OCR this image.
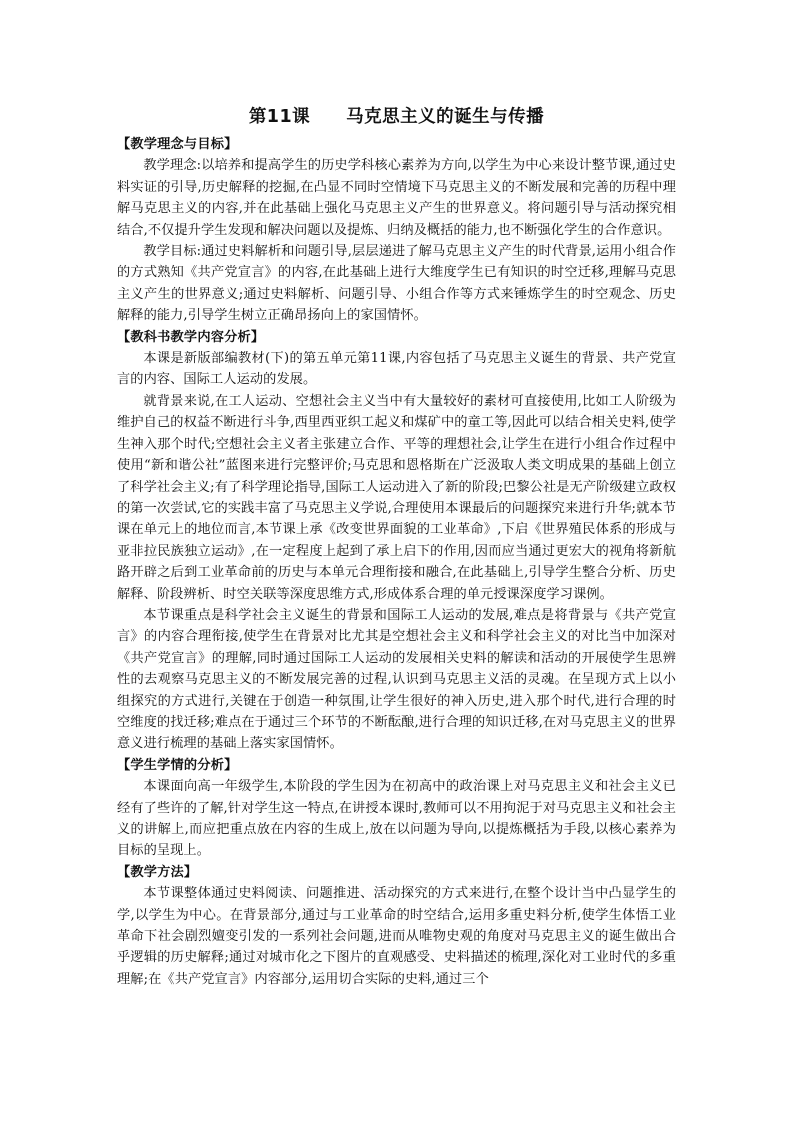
第11课 马克思主义的诞生与传播

【教学理念与目标】

教学理念:以培养和提高学生的历史学科核心素养为方向,以学生为中心来设计整节课,通过史料实证的引导,历史解释的挖掘,在凸显不同时空情境下马克思主义的不断发展和完善的历程中理解马克思主义的内容,并在此基础上强化马克思主义产生的世界意义。将问题引导与活动探究相结合,不仅提升学生发现和解决问题以及提炼、归纳及概括的能力,也不断强化学生的合作意识。

教学目标:通过史料解析和问题引导,层层递进了解马克思主义产生的时代背景,运用小组合作的方式熟知《共产党宣言》的内容,在此基础上进行大维度学生已有知识的时空迁移,理解马克思主义产生的世界意义;通过史料解析、问题引导、小组合作等方式来锤炼学生的时空观念、历史解释的能力,引导学生树立正确昂扬向上的家国情怀。

【教科书教学内容分析】

本课是新版部编教材(下)的第五单元第11课,内容包括了马克思主义诞生的背景、共产党宣言的内容、国际工人运动的发展。

就背景来说,在工人运动、空想社会主义当中有大量较好的素材可直接使用,比如工人阶级为维护自己的权益不断进行斗争,西里西亚织工起义和煤矿中的童工等,因此可以结合相关史料,使学生神入那个时代;空想社会主义者主张建立合作、平等的理想社会,让学生在进行小组合作过程中使用“新和谐公社”蓝图来进行完整评价;马克思和恩格斯在广泛汲取人类文明成果的基础上创立了科学社会主义;有了科学理论指导,国际工人运动进入了新的阶段;巴黎公社是无产阶级建立政权的第一次尝试,它的实践丰富了马克思主义学说,合理使用本课最后的问题探究来进行升华;就本节课在单元上的地位而言,本节课上承《改变世界面貌的工业革命》,下启《世界殖民体系的形成与亚非拉民族独立运动》,在一定程度上起到了承上启下的作用,因而应当通过更宏大的视角将新航路开辟之后到工业革命前的历史与本单元合理衔接和融合,在此基础上,引导学生整合分析、历史解释、阶段辨析、时空关联等深度思维方式,形成体系合理的单元授课深度学习课例。

本节课重点是科学社会主义诞生的背景和国际工人运动的发展,难点是将背景与《共产党宣言》的内容合理衔接,使学生在背景对比尤其是空想社会主义和科学社会主义的对比当中加深对《共产党宣言》的理解,同时通过国际工人运动的发展相关史料的解读和活动的开展使学生思辨性的去观察马克思主义的不断发展完善的过程,认识到马克思主义活的灵魂。在呈现方式上以小组探究的方式进行,关键在于创造一种氛围,让学生很好的神入历史,进入那个时代,进行合理的时空维度的找迁移;难点在于通过三个环节的不断酝酿,进行合理的知识迁移,在对马克思主义的世界意义进行梳理的基础上落实家国情怀。

【学生学情的分析】

本课面向高一年级学生,本阶段的学生因为在初高中的政治课上对马克思主义和社会主义已经有了些许的了解,针对学生这一特点,在讲授本课时,教师可以不用拘泥于对马克思主义和社会主义的讲解上,而应把重点放在内容的生成上,放在以问题为导向,以提炼概括为手段,以核心素养为目标的呈现上。

【教学方法】

本节课整体通过史料阅读、问题推进、活动探究的方式来进行,在整个设计当中凸显学生的学,以学生为中心。在背景部分,通过与工业革命的时空结合,运用多重史料分析,使学生体悟工业革命下社会剧烈嬗变引发的一系列社会问题,进而从唯物史观的角度对马克思主义的诞生做出合乎逻辑的历史解释;通过对城市化之下图片的直观感受、史料描述的梳理,深化对工业时代的多重理解;在《共产党宣言》内容部分,运用切合实际的史料,通过三个
